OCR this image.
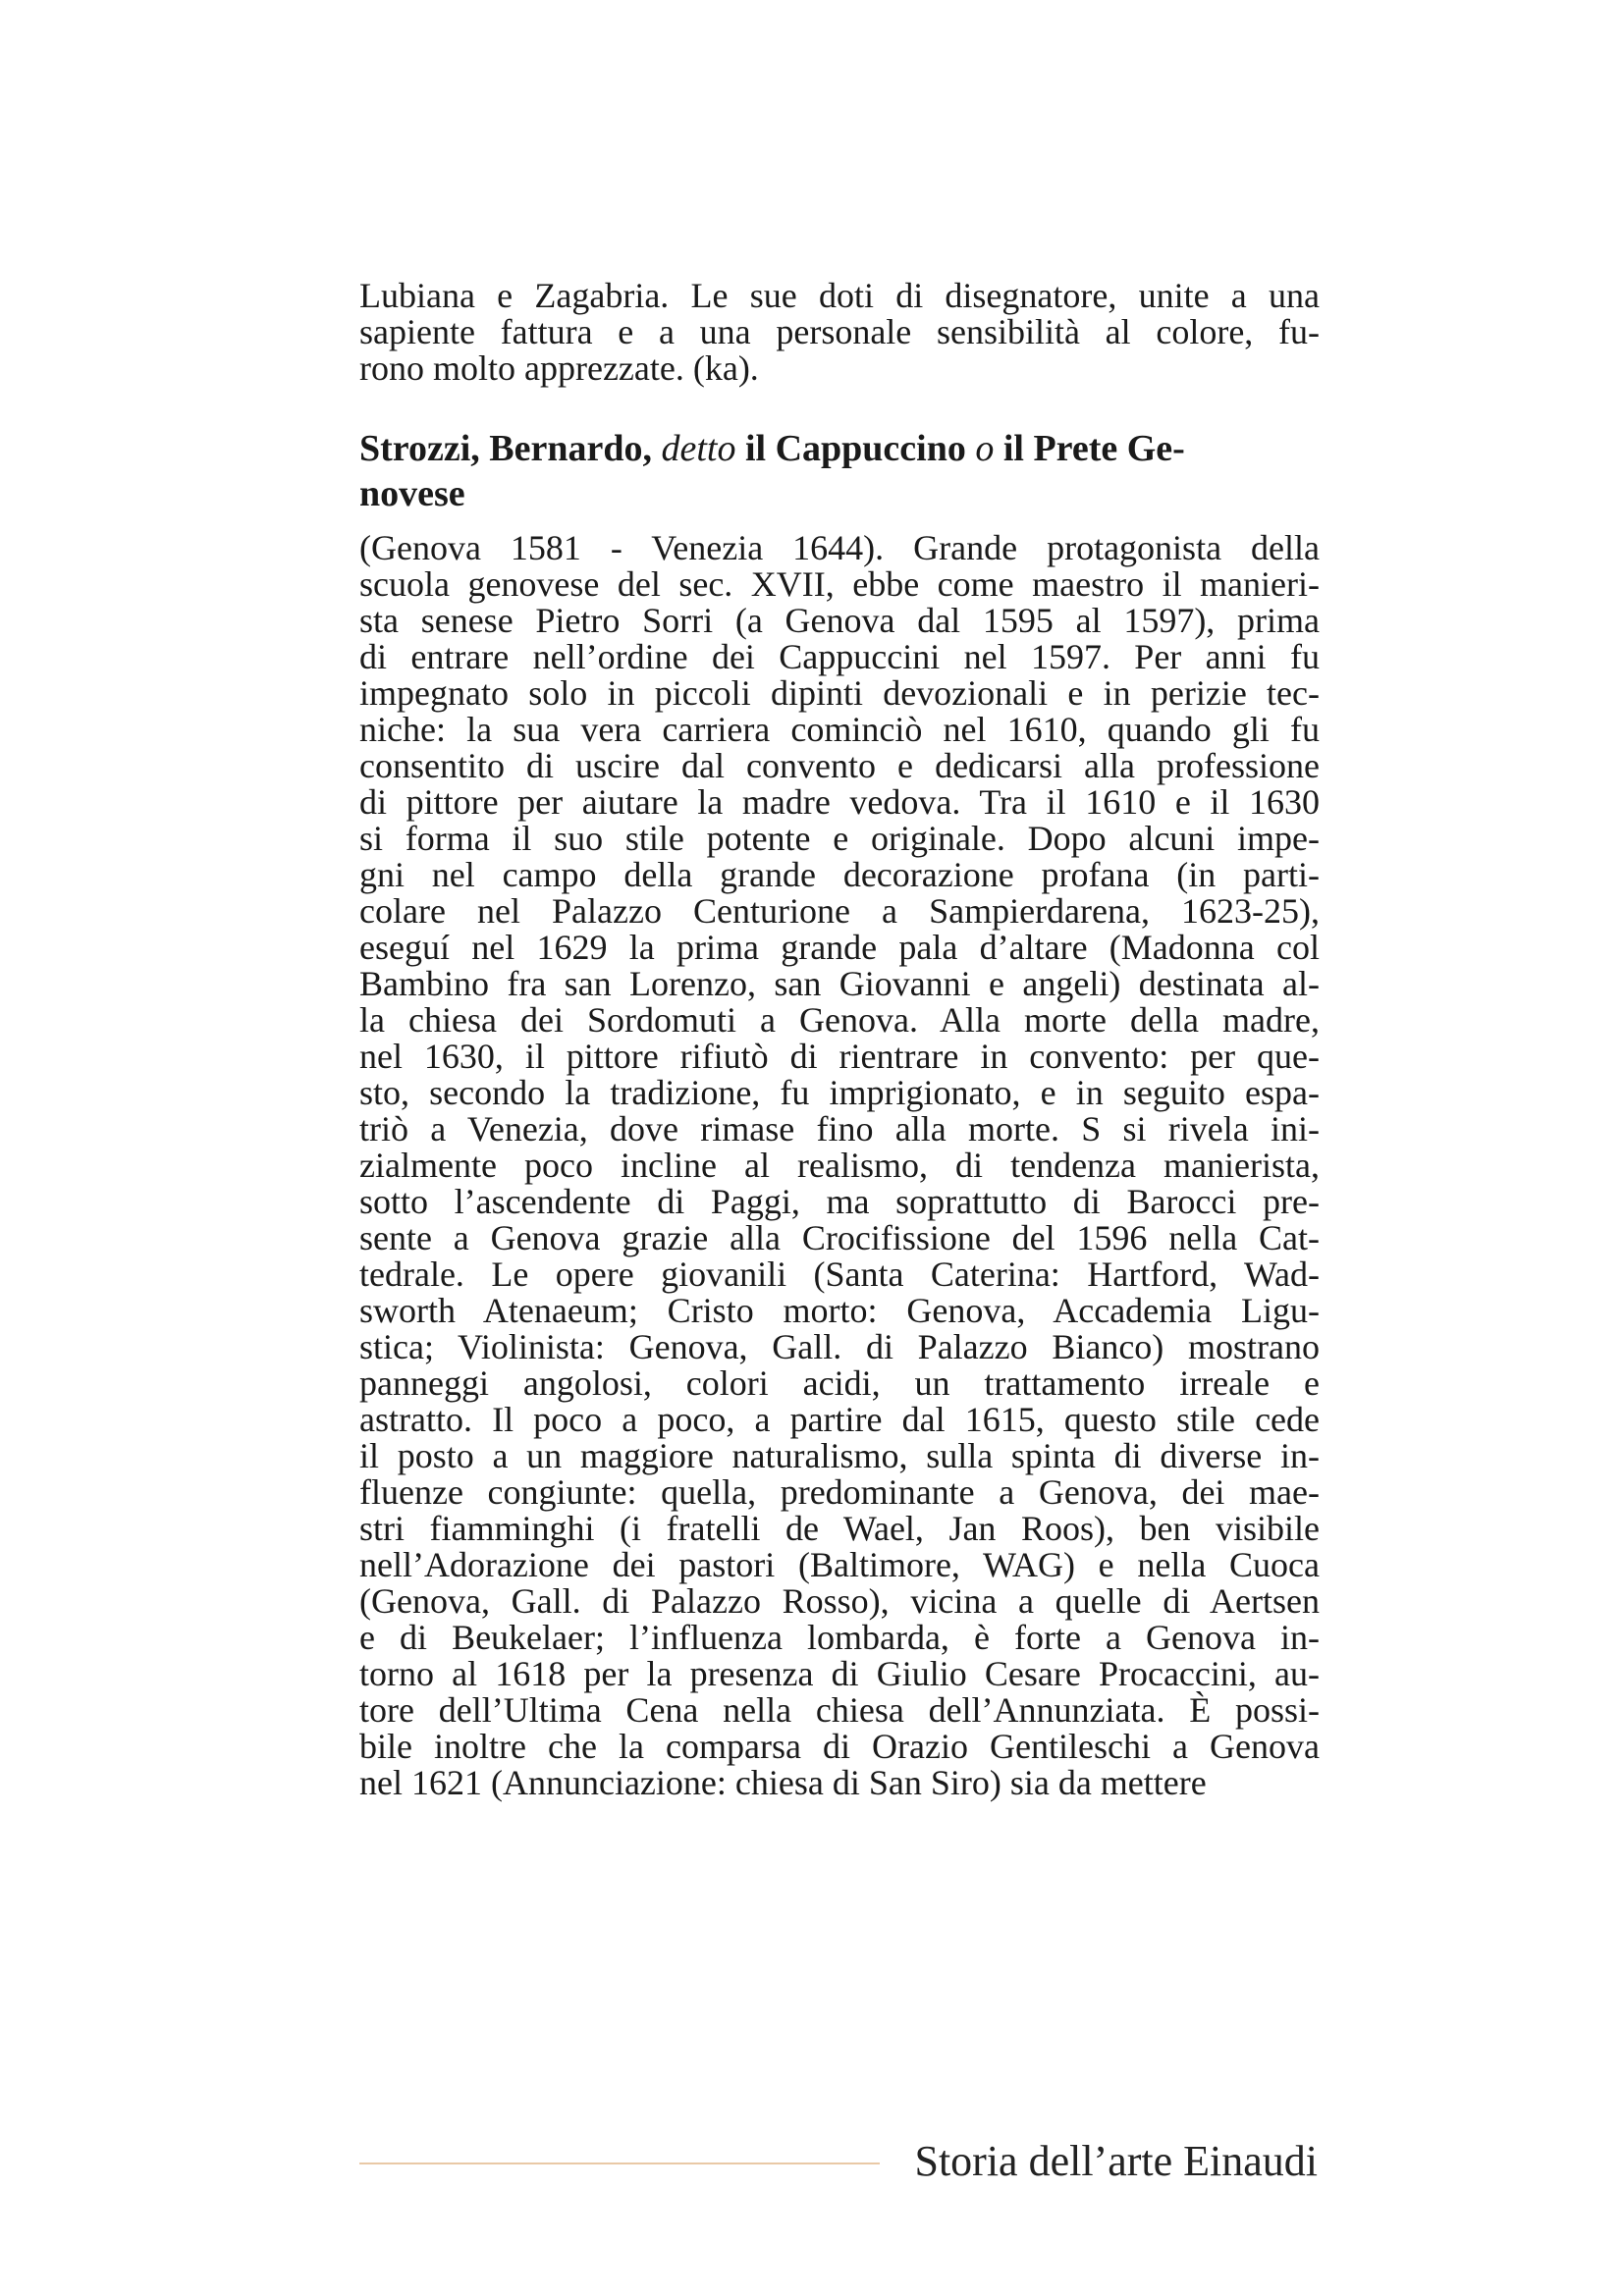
Lubiana e Zagabria. Le sue doti di disegnatore, unite a una
sapiente fattura e a una personale sensibilità al colore, fu-
rono molto apprezzate. (ka).
Strozzi, Bernardo, detto il Cappuccino o il Prete Ge-
novese
(Genova 1581 - Venezia 1644). Grande protagonista della
scuola genovese del sec. XVII, ebbe come maestro il manieri-
sta senese Pietro Sorri (a Genova dal 1595 al 1597), prima
di entrare nell’ordine dei Cappuccini nel 1597. Per anni fu
impegnato solo in piccoli dipinti devozionali e in perizie tec-
niche: la sua vera carriera cominciò nel 1610, quando gli fu
consentito di uscire dal convento e dedicarsi alla professione
di pittore per aiutare la madre vedova. Tra il 1610 e il 1630
si forma il suo stile potente e originale. Dopo alcuni impe-
gni nel campo della grande decorazione profana (in parti-
colare nel Palazzo Centurione a Sampierdarena, 1623-25),
eseguí nel 1629 la prima grande pala d’altare (Madonna col
Bambino fra san Lorenzo, san Giovanni e angeli) destinata al-
la chiesa dei Sordomuti a Genova. Alla morte della madre,
nel 1630, il pittore rifiutò di rientrare in convento: per que-
sto, secondo la tradizione, fu imprigionato, e in seguito espa-
triò a Venezia, dove rimase fino alla morte. S si rivela ini-
zialmente poco incline al realismo, di tendenza manierista,
sotto l’ascendente di Paggi, ma soprattutto di Barocci pre-
sente a Genova grazie alla Crocifissione del 1596 nella Cat-
tedrale. Le opere giovanili (Santa Caterina: Hartford, Wad-
sworth Atenaeum; Cristo morto: Genova, Accademia Ligu-
stica; Violinista: Genova, Gall. di Palazzo Bianco) mostrano
panneggi angolosi, colori acidi, un trattamento irreale e
astratto. Il poco a poco, a partire dal 1615, questo stile cede
il posto a un maggiore naturalismo, sulla spinta di diverse in-
fluenze congiunte: quella, predominante a Genova, dei mae-
stri fiamminghi (i fratelli de Wael, Jan Roos), ben visibile
nell’Adorazione dei pastori (Baltimore, WAG) e nella Cuoca
(Genova, Gall. di Palazzo Rosso), vicina a quelle di Aertsen
e di Beukelaer; l’influenza lombarda, è forte a Genova in-
torno al 1618 per la presenza di Giulio Cesare Procaccini, au-
tore dell’Ultima Cena nella chiesa dell’Annunziata. È possi-
bile inoltre che la comparsa di Orazio Gentileschi a Genova
nel 1621 (Annunciazione: chiesa di San Siro) sia da mettere
Storia dell’arte Einaudi
